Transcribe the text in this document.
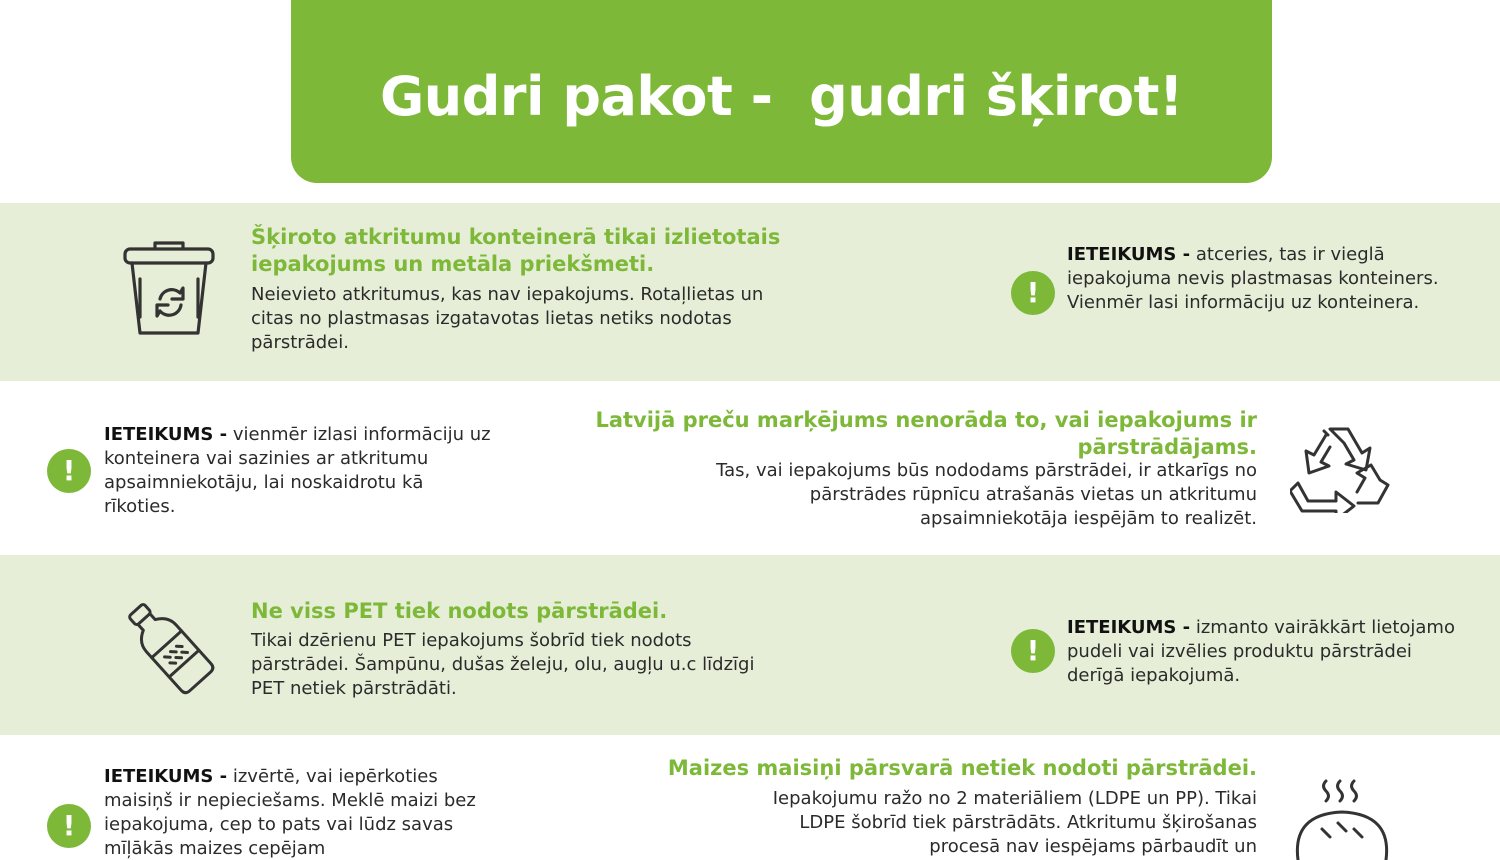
Gudri pakot -  gudri šķirot!
Šķiroto atkritumu konteinerā tikai izlietotais iepakojums un metāla priekšmeti.
Neievieto atkritumus, kas nav iepakojums. Rotaļlietas un citas no plastmasas izgatavotas lietas netiks nodotas pārstrādei.
!
IETEIKUMS - atceries, tas ir vieglā iepakojuma nevis plastmasas konteiners. Vienmēr lasi informāciju uz konteinera.
!
IETEIKUMS - vienmēr izlasi informāciju uz konteinera vai sazinies ar atkritumu apsaimniekotāju, lai noskaidrotu kā rīkoties.
Latvijā preču marķējums nenorāda to, vai iepakojums ir pārstrādājams.
Tas, vai iepakojums būs nododams pārstrādei, ir atkarīgs no pārstrādes rūpnīcu atrašanās vietas un atkritumu apsaimniekotāja iespējām to realizēt.
Ne viss PET tiek nodots pārstrādei.
Tikai dzērienu PET iepakojums šobrīd tiek nodots pārstrādei. Šampūnu, dušas želeju, olu, augļu u.c līdzīgi PET netiek pārstrādāti.
!
IETEIKUMS - izmanto vairākkārt lietojamo pudeli vai izvēlies produktu pārstrādei derīgā iepakojumā.
!
IETEIKUMS - izvērtē, vai iepērkoties maisiņš ir nepieciešams. Meklē maizi bez iepakojuma, cep to pats vai lūdz savas mīļākās maizes cepējam
Maizes maisiņi pārsvarā netiek nodoti pārstrādei.
Iepakojumu ražo no 2 materiāliem (LDPE un PP). Tikai LDPE šobrīd tiek pārstrādāts. Atkritumu šķirošanas procesā nav iespējams pārbaudīt un
